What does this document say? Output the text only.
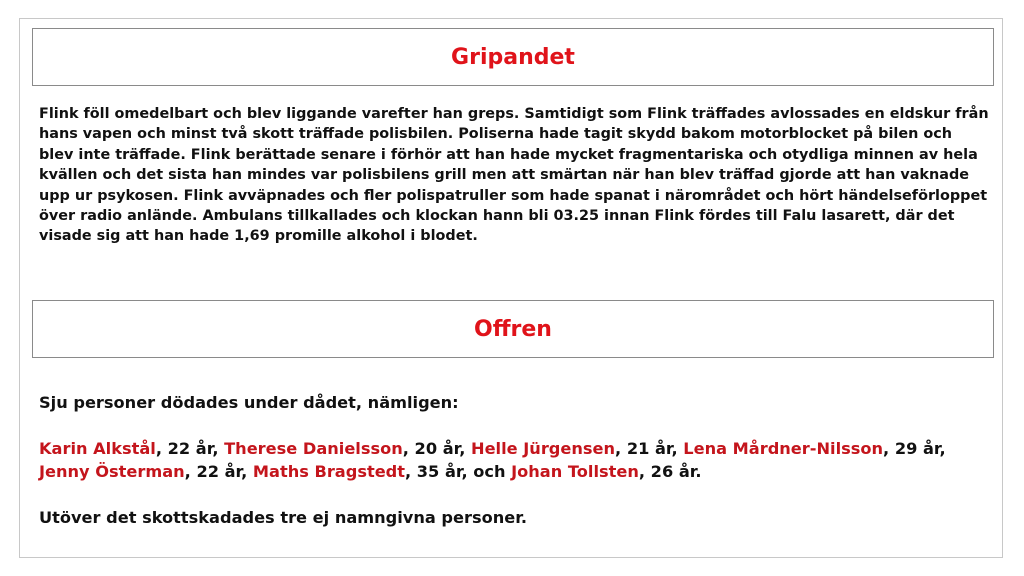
Gripandet

Flink föll omedelbart och blev liggande varefter han greps. Samtidigt som Flink träffades avlossades en eldskur från hans vapen och minst två skott träffade polisbilen. Poliserna hade tagit skydd bakom motorblocket på bilen och blev inte träffade. Flink berättade senare i förhör att han hade mycket fragmentariska och otydliga minnen av hela kvällen och det sista han mindes var polisbilens grill men att smärtan när han blev träffad gjorde att han vaknade upp ur psykosen. Flink avväpnades och fler polispatruller som hade spanat i närområdet och hört händelseförloppet över radio anlände. Ambulans tillkallades och klockan hann bli 03.25 innan Flink fördes till Falu lasarett, där det visade sig att han hade 1,69 promille alkohol i blodet.

Offren

Sju personer dödades under dådet, nämligen:

Karin Alkstål, 22 år, Therese Danielsson, 20 år, Helle Jürgensen, 21 år, Lena Mårdner-Nilsson, 29 år, Jenny Österman, 22 år, Maths Bragstedt, 35 år, och Johan Tollsten, 26 år.

Utöver det skottskadades tre ej namngivna personer.
